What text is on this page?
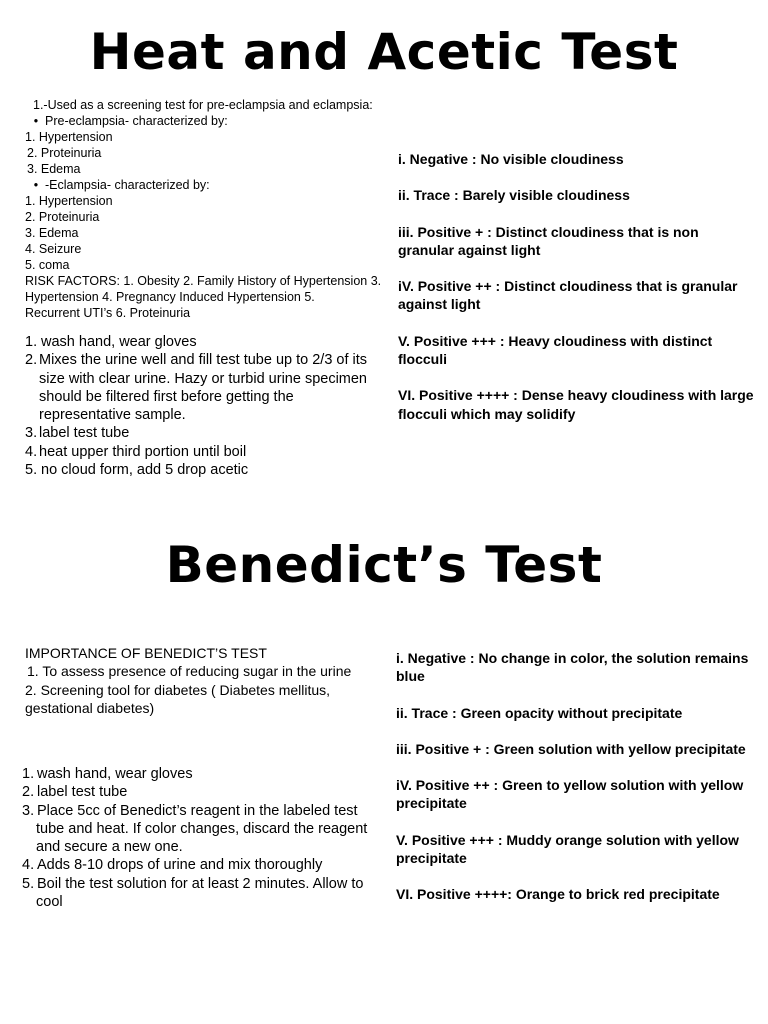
Heat and Acetic Test
1.-Used as a screening test for pre-eclampsia and eclampsia:
• Pre-eclampsia- characterized by:
1. Hypertension
2. Proteinuria
3. Edema
• -Eclampsia- characterized by:
1. Hypertension
2. Proteinuria
3. Edema
4. Seizure
5. coma
RISK FACTORS: 1. Obesity 2. Family History of Hypertension 3.
Hypertension 4. Pregnancy Induced Hypertension 5.
Recurrent UTI’s 6. Proteinuria
1. wash hand, wear gloves
2. Mixes the urine well and fill test tube up to 2/3 of its size with clear urine. Hazy or turbid urine specimen should be filtered first before getting the representative sample.
3. label test tube
4. heat upper third portion until boil
5. no cloud form, add 5 drop acetic

i. Negative : No visible cloudiness

ii. Trace : Barely visible cloudiness

iii. Positive + : Distinct cloudiness that is non granular against light

iV. Positive ++ : Distinct cloudiness that is granular against light

V. Positive +++ : Heavy cloudiness with distinct flocculi

VI. Positive ++++ : Dense heavy cloudiness with large flocculi which may solidify

Benedict’s Test
IMPORTANCE OF BENEDICT’S TEST
1. To assess presence of reducing sugar in the urine
2. Screening tool for diabetes ( Diabetes mellitus, gestational diabetes)
1. wash hand, wear gloves
2. label test tube
3. Place 5cc of Benedict’s reagent in the labeled test tube and heat. If color changes, discard the reagent and secure a new one.
4. Adds 8-10 drops of urine and mix thoroughly
5. Boil the test solution for at least 2 minutes. Allow to cool

i. Negative : No change in color, the solution remains blue

ii. Trace : Green opacity without precipitate

iii. Positive + : Green solution with yellow precipitate

iV. Positive ++ : Green to yellow solution with yellow precipitate

V. Positive +++ : Muddy orange solution with yellow precipitate

VI. Positive ++++: Orange to brick red precipitate
